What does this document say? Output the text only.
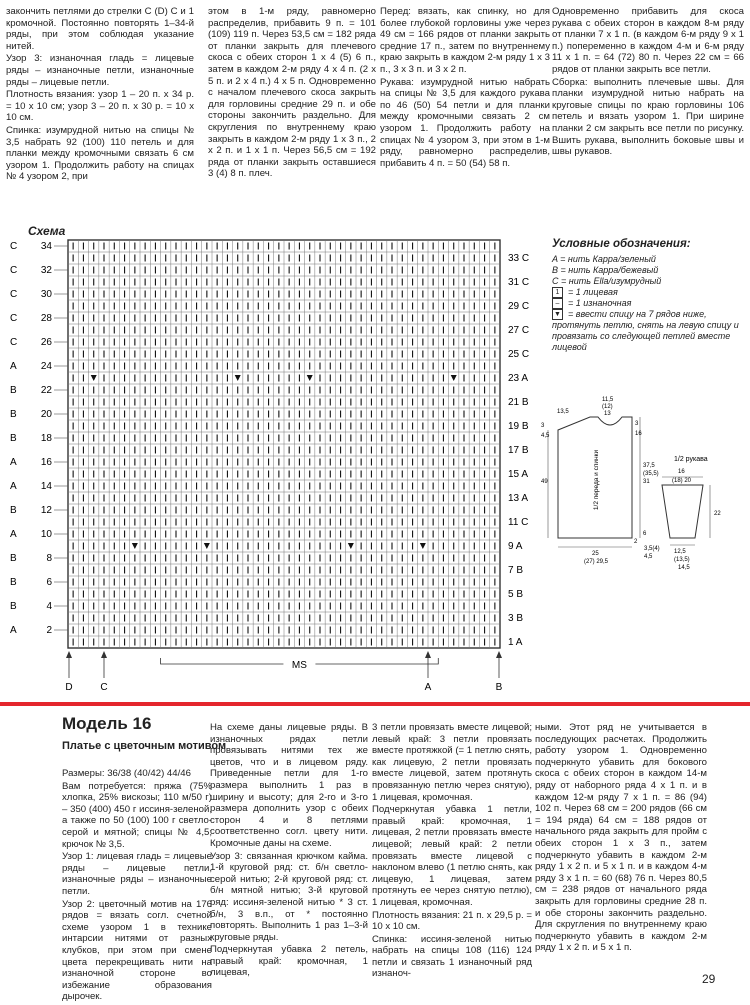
закончить петлями до стрелки С (D) С и 1 кромочной. Постоянно повторять 1–34-й ряды, при этом соблюдая указание нитей.

Узор 3: изнаночная гладь = лицевые ряды – изнаночные петли, изнаночные ряды – лицевые петли.

Плотность вязания: узор 1 – 20 п. x 34 р. = 10 x 10 см; узор 3 – 20 п. x 30 р. = 10 x 10 см.

Спинка: изумрудной нитью на спицы № 3,5 набрать 92 (100) 110 петель и для планки между кромочными связать 6 см узором 1. Продолжить работу на спицах № 4 узором 2, при

этом в 1-м ряду, равномерно распределив, прибавить 9 п. = 101 (109) 119 п. Через 53,5 см = 182 ряда от планки закрыть для плечевого скоса с обеих сторон 1 x 4 (5) 6 п., затем в каждом 2-м ряду 4 x 4 п. (2 x 5 п. и 2 x 4 п.) 4 x 5 п. Одновременно с началом плечевого скоса закрыть для горловины средние 29 п. и обе стороны закончить раздельно. Для скругления по внутреннему краю закрыть в каждом 2-м ряду 1 x 3 п., 2 x 2 п. и 1 x 1 п. Через 56,5 см = 192 ряда от планки закрыть оставшиеся 3 (4) 8 п. плеч.

Перед: вязать, как спинку, но для более глубокой горловины уже через 49 см = 166 рядов от планки закрыть средние 17 п., затем по внутреннему краю закрыть в каждом 2-м ряду 1 x 3 п., 3 x 3 п. и 3 x 2 п.

Рукава: изумрудной нитью набрать на спицы № 3,5 для каждого рукава по 46 (50) 54 петли и для планки между кромочными связать 2 см узором 1. Продолжить работу на спицах № 4 узором 3, при этом в 1-м ряду, равномерно распределив, прибавить 4 п. = 50 (54) 58 п.

Одновременно прибавить для скоса рукава с обеих сторон в каждом 8-м ряду от планки 7 x 1 п. (в каждом 6-м ряду 9 x 1 п.) попеременно в каждом 4-м и 6-м ряду 11 x 1 п. = 64 (72) 80 п. Через 22 см = 66 рядов от планки закрыть все петли.

Сборка: выполнить плечевые швы. Для планки изумрудной нитью набрать на круговые спицы по краю горловины 106 петель и вязать узором 1. При ширине планки 2 см закрыть все петли по рисунку. Вшить рукава, выполнить боковые швы и швы рукавов.

Схема
C 34
C 32
C 30
C 28
C 26
A 24
B 22
B 20
B 18
A 16
A 14
B 12
A 10
B	8
B	6
B	4
A	2
33 C
31 C
29 C
27 C
25 C
23 A
21 B
19 B
17 B
15 A
13 A
11 C
9 A
7 B
5 B
3 B
1 A
D	C	A	B
MS
Условные обозначения:
A = нить Карра/зеленый
B = нить Карра/бежевый
C = нить Ella/изумрудный
1 = 1 лицевая
– = 1 изнаночная
▼ = ввести спицу на 7 рядов ниже, протянуть петлю, снять на левую спицу и провязать со следующей петлей вместе лицевой
13,5
11,5
(12)
13
3
4,5
3
16
49
37,5
(35,5)
31
6
25
(27) 29,5
2
1/2 рукава
16
(18) 20
22
3,5(4)
4,5
12,5
(13,5)
14,5
1/2 переда и спинки
Модель 16
Платье с цветочным мотивом

Размеры: 36/38 (40/42) 44/46

Вам потребуется: пряжа (75% хлопка, 25% вискозы; 110 м/50 г) – 350 (400) 450 г иссиня-зеленой, а также по 50 (100) 100 г светло-серой и мятной; спицы № 4,5; крючок № 3,5.

Узор 1: лицевая гладь = лицевые ряды – лицевые петли, изнаночные ряды – изнаночные петли.

Узор 2: цветочный мотив на 176 рядов = вязать согл. счетной схеме узором 1 в технике интарсии нитями от разных клубков, при этом при смене цвета перекрещивать нити на изнаночной стороне во избежание образования дырочек.

На схеме даны лицевые ряды. В изнаночных рядах петли провязывать нитями тех же цветов, что и в лицевом ряду. Приведенные петли для 1-го размера выполнить 1 раз в ширину и высоту; для 2-го и 3-го размера дополнить узор с обеих сторон 4 и 8 петлями соответственно согл. цвету нити. Кромочные даны на схеме.

Узор 3: связанная крючком кайма. 1-й круговой ряд: ст. б/н светло-серой нитью; 2-й круговой ряд: ст. б/н мятной нитью; 3-й круговой ряд: иссиня-зеленой нитью * 3 ст. б/н, 3 в.п., от * постоянно повторять. Выполнить 1 раз 1–3-й круговые ряды.

Подчеркнутая убавка 2 петель, правый край: кромочная, 1 лицевая,

3 петли провязать вместе лицевой; левый край: 3 петли провязать вместе протяжкой (= 1 петлю снять, как лицевую, 2 петли провязать вместе лицевой, затем протянуть провязанную петлю через снятую), 1 лицевая, кромочная.

Подчеркнутая убавка 1 петли, правый край: кромочная, 1 лицевая, 2 петли провязать вместе лицевой; левый край: 2 петли провязать вместе лицевой с наклоном влево (1 петлю снять, как лицевую, 1 лицевая, затем протянуть ее через снятую петлю), 1 лицевая, кромочная.

Плотность вязания: 21 п. x 29,5 р. = 10 x 10 см.

Спинка: иссиня-зеленой нитью набрать на спицы 108 (116) 124 петли и связать 1 изнаночный ряд изнаноч-

ными. Этот ряд не учитывается в последующих расчетах. Продолжить работу узором 1. Одновременно подчеркнуто убавить для бокового скоса с обеих сторон в каждом 14-м ряду от наборного ряда 4 x 1 п. и в каждом 12-м ряду 7 x 1 п. = 86 (94) 102 п. Через 68 см = 200 рядов (66 см = 194 ряда) 64 см = 188 рядов от начального ряда закрыть для пройм с обеих сторон 1 x 3 п., затем подчеркнуто убавить в каждом 2-м ряду 1 x 2 п. и 5 x 1 п. и в каждом 4-м ряду 3 x 1 п. = 60 (68) 76 п. Через 80,5 см = 238 рядов от начального ряда закрыть для горловины средние 28 п. и обе стороны закончить раздельно. Для скругления по внутреннему краю подчеркнуто убавить в каждом 2-м ряду 1 x 2 п. и 5 x 1 п.

29
